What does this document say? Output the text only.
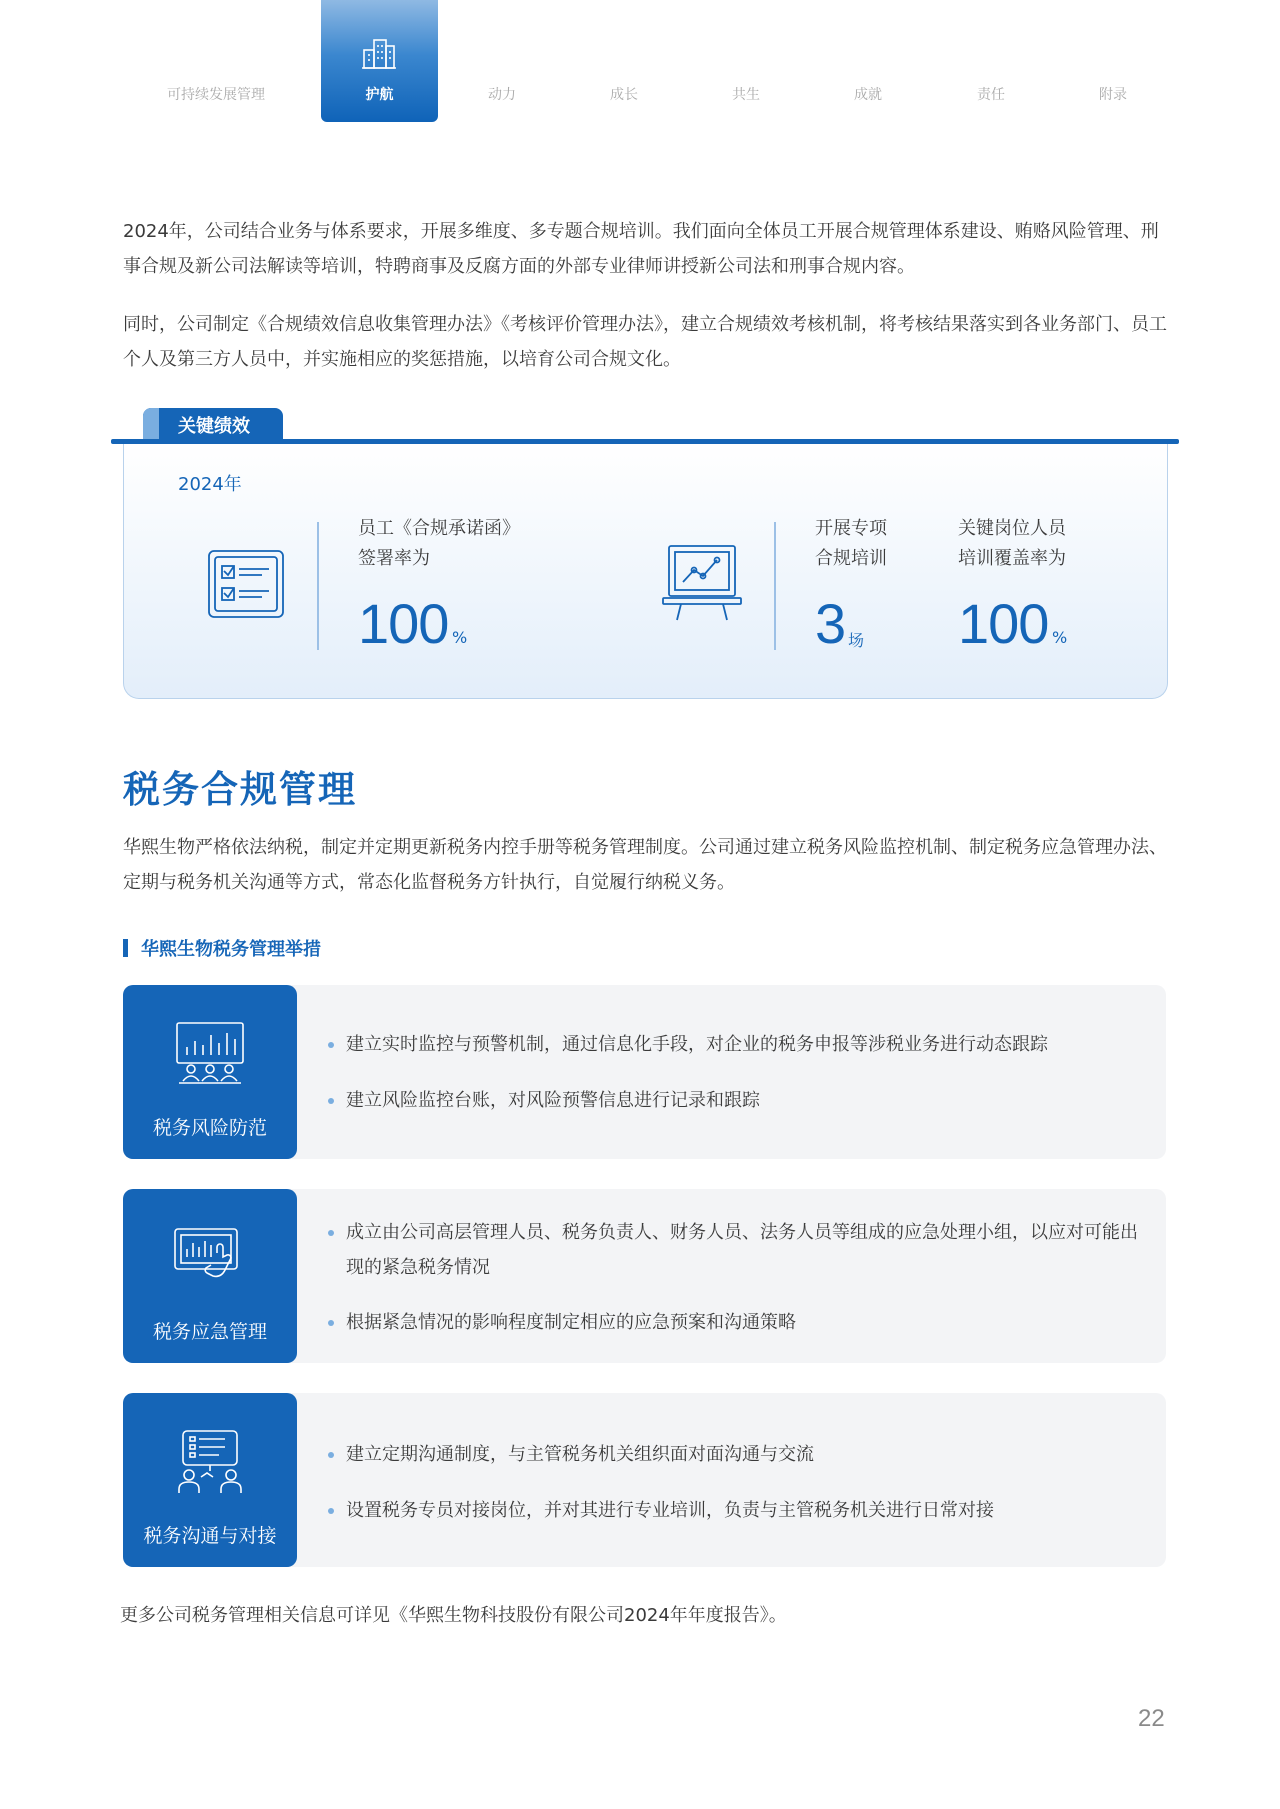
可持续发展管理	护航	动力	成长	共生	成就	责任	附录

2024年，公司结合业务与体系要求，开展多维度、多专题合规培训。我们面向全体员工开展合规管理体系建设、贿赂风险管理、刑事合规及新公司法解读等培训，特聘商事及反腐方面的外部专业律师讲授新公司法和刑事合规内容。

同时，公司制定《合规绩效信息收集管理办法》《考核评价管理办法》，建立合规绩效考核机制，将考核结果落实到各业务部门、员工个人及第三方人员中，并实施相应的奖惩措施，以培育公司合规文化。

关键绩效
2024年
员工《合规承诺函》
签署率为
100 %
开展专项
合规培训
3 场
关键岗位人员
培训覆盖率为
100 %
税务合规管理

华熙生物严格依法纳税，制定并定期更新税务内控手册等税务管理制度。公司通过建立税务风险监控机制、制定税务应急管理办法、定期与税务机关沟通等方式，常态化监督税务方针执行，自觉履行纳税义务。

华熙生物税务管理举措
税务风险防范
建立实时监控与预警机制，通过信息化手段，对企业的税务申报等涉税业务进行动态跟踪
建立风险监控台账，对风险预警信息进行记录和跟踪
税务应急管理
成立由公司高层管理人员、税务负责人、财务人员、法务人员等组成的应急处理小组，以应对可能出现的紧急税务情况
根据紧急情况的影响程度制定相应的应急预案和沟通策略
税务沟通与对接
建立定期沟通制度，与主管税务机关组织面对面沟通与交流
设置税务专员对接岗位，并对其进行专业培训，负责与主管税务机关进行日常对接
更多公司税务管理相关信息可详见《华熙生物科技股份有限公司2024年年度报告》。
22
